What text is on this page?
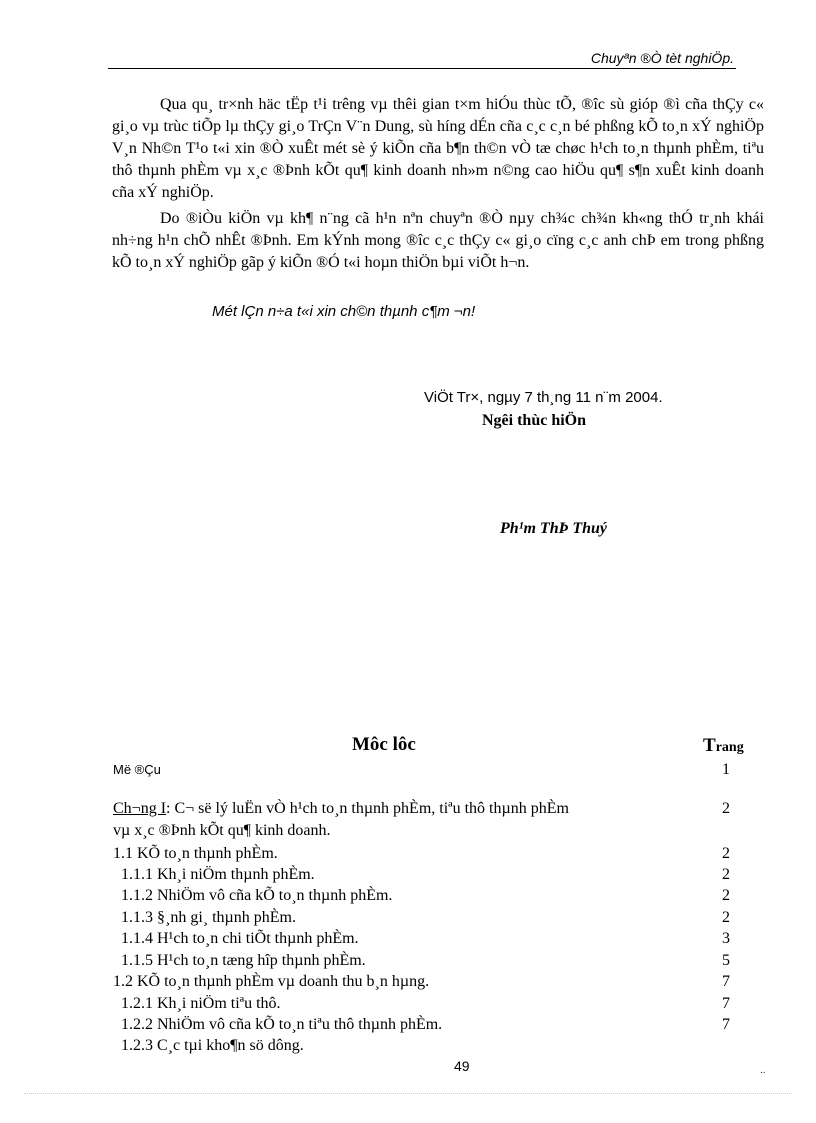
Chuyªn ®Ò tèt nghiÖp.

Qua qu¸ tr×nh häc tËp t¹i trêng vµ thêi gian t×m hiÓu thùc tÕ, ®îc sù gióp ®ì cña thÇy c« gi¸o vµ trùc tiÕp lµ thÇy gi¸o TrÇn V¨n Dung, sù híng dÉn cña c¸c c¸n bé phßng kÕ to¸n xÝ nghiÖp V¸n Nh©n T¹o t«i xin ®Ò xuÊt mét sè ý kiÕn cña b¶n th©n vÒ tæ chøc h¹ch to¸n thµnh phÈm, tiªu thô thµnh phÈm vµ x¸c ®Þnh kÕt qu¶ kinh doanh nh»m n©ng cao hiÖu qu¶ s¶n xuÊt kinh doanh cña xÝ nghiÖp.

Do ®iÒu kiÖn vµ kh¶ n¨ng cã h¹n nªn chuyªn ®Ò nµy ch¾c ch¾n kh«ng thÓ tr¸nh khái nh÷ng h¹n chÕ nhÊt ®Þnh. Em kÝnh mong ®îc c¸c thÇy c« gi¸o cïng c¸c anh chÞ em trong phßng kÕ to¸n xÝ nghiÖp gãp ý kiÕn ®Ó t«i hoµn thiÖn bµi viÕt h¬n.

Mét lÇn n÷a t«i xin ch©n thµnh c¶m ¬n!
ViÖt Tr×, ngµy 7 th¸ng 11 n¨m 2004.
Ngêi thùc hiÖn
Ph¹m ThÞ Thuý
Môc lôc	Trang
Më ®Çu	1
Ch¬ng I: C¬ së lý luËn vÒ h¹ch to¸n thµnh phÈm, tiªu thô thµnh phÈm	2
vµ x¸c ®Þnh kÕt qu¶ kinh doanh.
1.1 KÕ to¸n thµnh phÈm.	2
1.1.1 Kh¸i niÖm thµnh phÈm.	2
1.1.2 NhiÖm vô cña kÕ to¸n thµnh phÈm.	2
1.1.3 §¸nh gi¸ thµnh phÈm.	2
1.1.4 H¹ch to¸n chi tiÕt thµnh phÈm.	3
1.1.5 H¹ch to¸n tæng hîp thµnh phÈm.	5
1.2 KÕ to¸n thµnh phÈm vµ doanh thu b¸n hµng.	7
1.2.1 Kh¸i niÖm tiªu thô.	7
1.2.2 NhiÖm vô cña kÕ to¸n tiªu thô thµnh phÈm.	7
1.2.3 C¸c tµi kho¶n sö dông.
49	..
